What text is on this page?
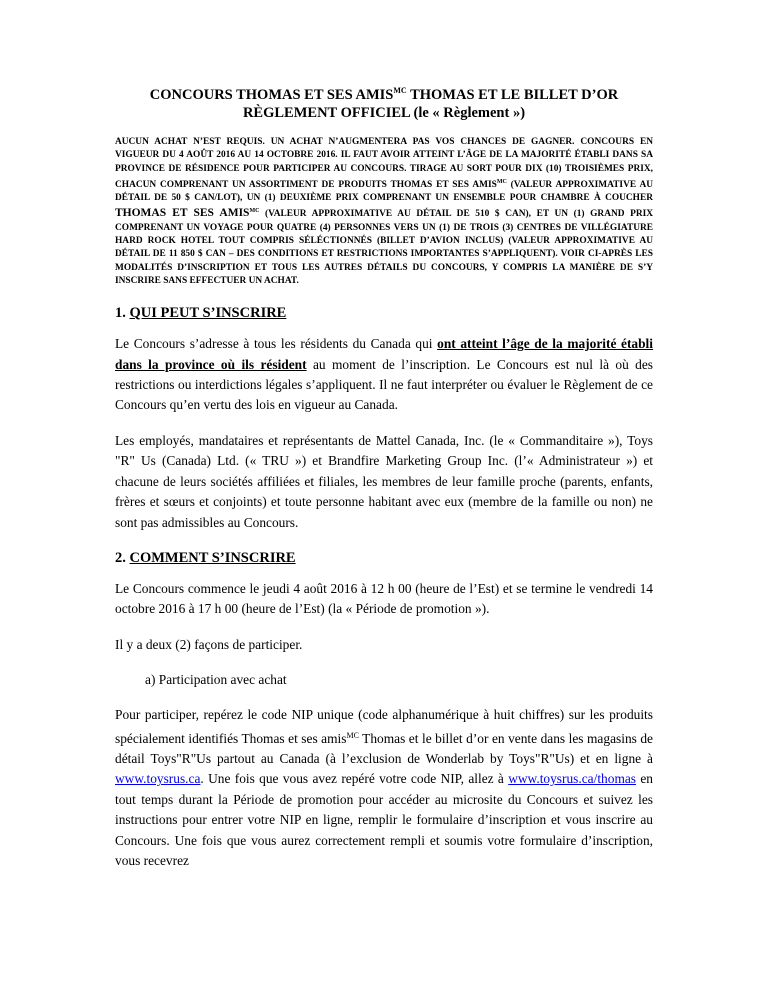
CONCOURS THOMAS ET SES $AMIS^{MC}$ THOMAS ET LE BILLET D’OR
RÈGLEMENT OFFICIEL (le « Règlement »)
AUCUN ACHAT N’EST REQUIS. UN ACHAT N’AUGMENTERA PAS VOS CHANCES DE GAGNER. CONCOURS EN VIGUEUR DU 4 AOÛT 2016 AU 14 OCTOBRE 2016. IL FAUT AVOIR ATTEINT L’ÂGE DE LA MAJORITÉ ÉTABLI DANS SA PROVINCE DE RÉSIDENCE POUR PARTICIPER AU CONCOURS. TIRAGE AU SORT POUR DIX (10) TROISIÈMES PRIX, CHACUN COMPRENANT UN ASSORTIMENT DE PRODUITS THOMAS ET SES $AMIS^{MC}$ (VALEUR APPROXIMATIVE AU DÉTAIL DE 50 $ CAN/LOT), UN (1) DEUXIÈME PRIX COMPRENANT UN ENSEMBLE POUR CHAMBRE À COUCHER THOMAS ET SES $AMIS^{MC}$ (VALEUR APPROXIMATIVE AU DÉTAIL DE 510 $ CAN), ET UN (1) GRAND PRIX COMPRENANT UN VOYAGE POUR QUATRE (4) PERSONNES VERS UN (1) DE TROIS (3) CENTRES DE VILLÉGIATURE HARD ROCK HOTEL TOUT COMPRIS SÉLÉCTIONNÉS (BILLET D’AVION INCLUS) (VALEUR APPROXIMATIVE AU DÉTAIL DE 11 850 $ CAN – DES CONDITIONS ET RESTRICTIONS IMPORTANTES S’APPLIQUENT). VOIR CI-APRÈS LES MODALITÉS D’INSCRIPTION ET TOUS LES AUTRES DÉTAILS DU CONCOURS, Y COMPRIS LA MANIÈRE DE S’Y INSCRIRE SANS EFFECTUER UN ACHAT.
1. QUI PEUT S’INSCRIRE

Le Concours s’adresse à tous les résidents du Canada qui ont atteint l’âge de la majorité établi dans la province où ils résident au moment de l’inscription. Le Concours est nul là où des restrictions ou interdictions légales s’appliquent. Il ne faut interpréter ou évaluer le Règlement de ce Concours qu’en vertu des lois en vigueur au Canada.

Les employés, mandataires et représentants de Mattel Canada, Inc. (le « Commanditaire »), Toys "R" Us (Canada) Ltd. (« TRU ») et Brandfire Marketing Group Inc. (l’« Administrateur ») et chacune de leurs sociétés affiliées et filiales, les membres de leur famille proche (parents, enfants, frères et sœurs et conjoints) et toute personne habitant avec eux (membre de la famille ou non) ne sont pas admissibles au Concours.

2. COMMENT S’INSCRIRE

Le Concours commence le jeudi 4 août 2016 à 12 h 00 (heure de l’Est) et se termine le vendredi 14 octobre 2016 à 17 h 00 (heure de l’Est) (la « Période de promotion »).

Il y a deux (2) façons de participer.

a) Participation avec achat

Pour participer, repérez le code NIP unique (code alphanumérique à huit chiffres) sur les produits spécialement identifiés Thomas et ses amis$^{MC}$ Thomas et le billet d’or en vente dans les magasins de détail Toys"R"Us partout au Canada (à l’exclusion de Wonderlab by Toys"R"Us) et en ligne à www.toysrus.ca. Une fois que vous avez repéré votre code NIP, allez à www.toysrus.ca/thomas en tout temps durant la Période de promotion pour accéder au microsite du Concours et suivez les instructions pour entrer votre NIP en ligne, remplir le formulaire d’inscription et vous inscrire au Concours. Une fois que vous aurez correctement rempli et soumis votre formulaire d’inscription, vous recevrez
